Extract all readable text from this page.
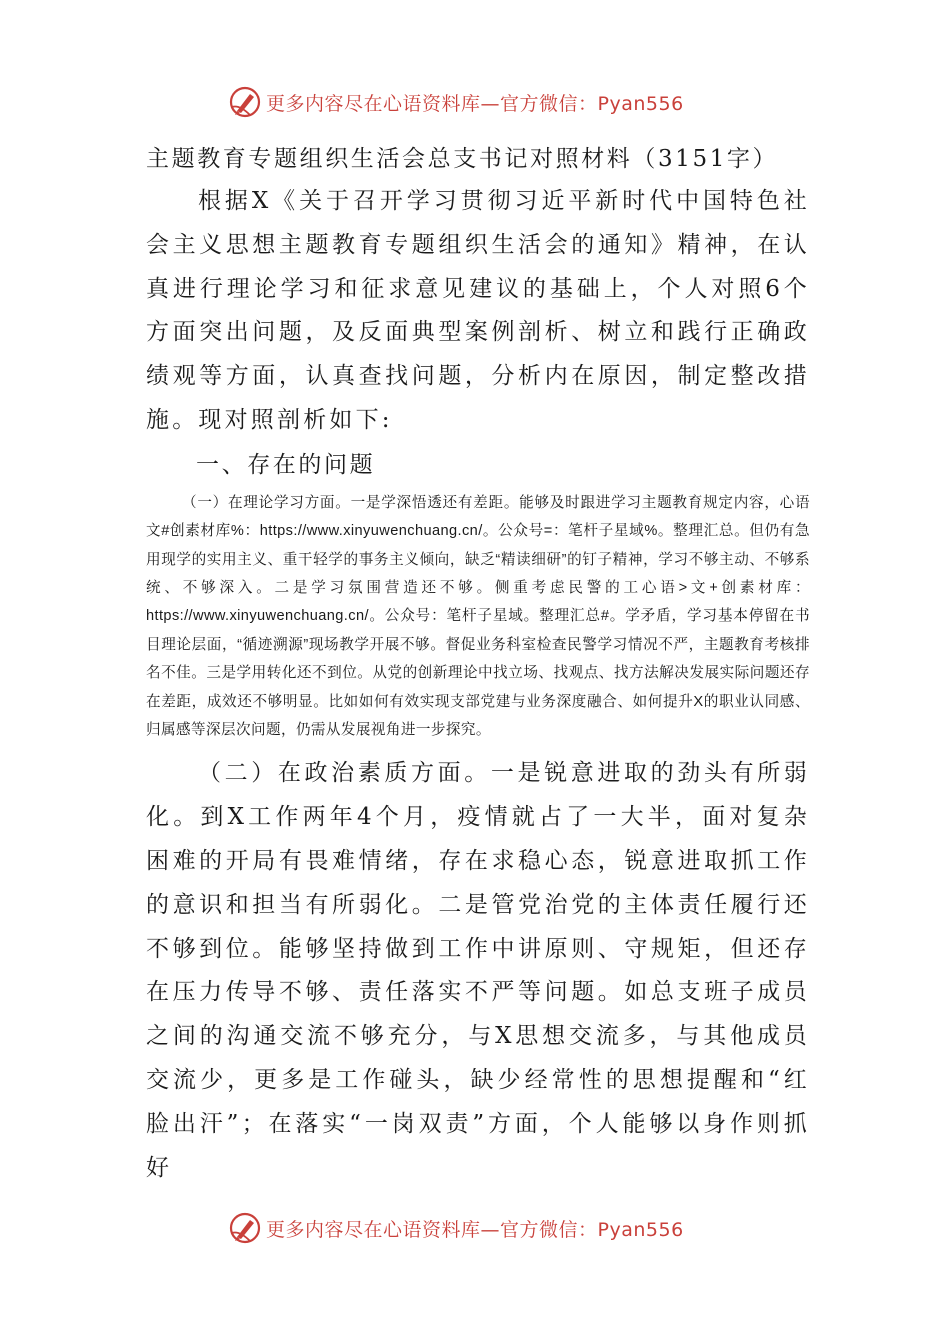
更多内容尽在心语资料库—官方微信：Pyan556

主题教育专题组织生活会总支书记对照材料（3151字）

根据X《关于召开学习贯彻习近平新时代中国特色社会主义思想主题教育专题组织生活会的通知》精神，在认真进行理论学习和征求意见建议的基础上，个人对照6个方面突出问题，及反面典型案例剖析、树立和践行正确政绩观等方面，认真查找问题，分析内在原因，制定整改措施。现对照剖析如下:

一、存在的问题

（一）在理论学习方面。一是学深悟透还有差距。能够及时跟进学习主题教育规定内容，心语文#创素材库%：https://www.xinyuwenchuang.cn/。公众号=：笔杆子星域%。整理汇总。但仍有急用现学的实用主义、重干轻学的事务主义倾向，缺乏“精读细研”的钉子精神，学习不够主动、不够系统、不够深入。二是学习氛围营造还不够。侧重考虑民警的工心语>文+创素材库：https://www.xinyuwenchuang.cn/。公众号：笔杆子星域。整理汇总#。学矛盾，学习基本停留在书目理论层面，“循迹溯源”现场教学开展不够。督促业务科室检查民警学习情况不严，主题教育考核排名不佳。三是学用转化还不到位。从党的创新理论中找立场、找观点、找方法解决发展实际问题还存在差距，成效还不够明显。比如如何有效实现支部党建与业务深度融合、如何提升X的职业认同感、归属感等深层次问题，仍需从发展视角进一步探究。

（二）在政治素质方面。一是锐意进取的劲头有所弱化。到X工作两年4个月，疫情就占了一大半，面对复杂困难的开局有畏难情绪，存在求稳心态，锐意进取抓工作的意识和担当有所弱化。二是管党治党的主体责任履行还不够到位。能够坚持做到工作中讲原则、守规矩，但还存在压力传导不够、责任落实不严等问题。如总支班子成员之间的沟通交流不够充分，与X思想交流多，与其他成员交流少，更多是工作碰头，缺少经常性的思想提醒和“红脸出汗”；在落实“一岗双责”方面，个人能够以身作则抓好

更多内容尽在心语资料库—官方微信：Pyan556
